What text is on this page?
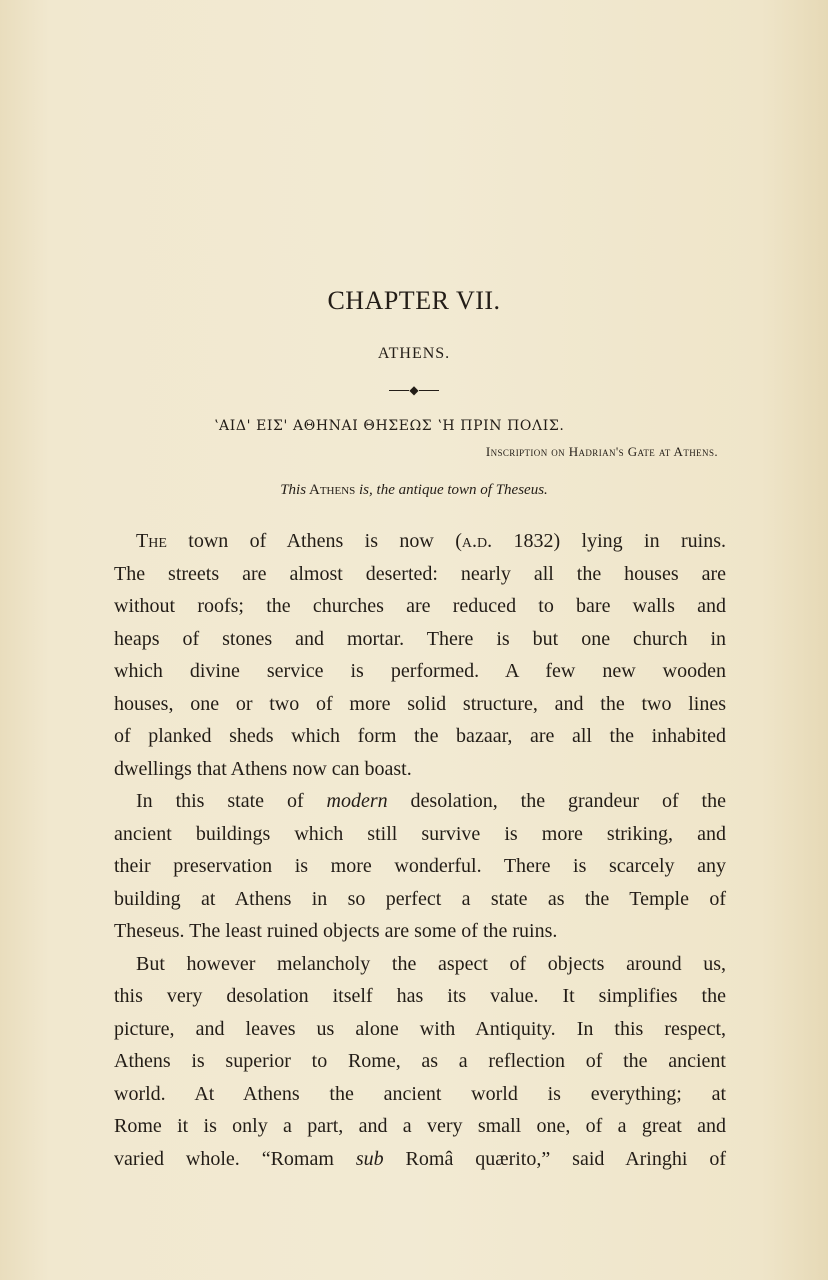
CHAPTER VII.
ATHENS.
◆
ʽΑΙΔ' ΕΙΣ' ΑΘΗΝΑΙ ΘΗΣΕΩΣ ʽΗ ΠΡΙΝ ΠΟΛΙΣ.
Inscription on Hadrian's Gate at Athens.
This Athens is, the antique town of Theseus.

The town of Athens is now (a.d. 1832) lying in ruins.
The streets are almost deserted: nearly all the houses are
without roofs; the churches are reduced to bare walls and
heaps of stones and mortar. There is but one church in
which divine service is performed. A few new wooden
houses, one or two of more solid structure, and the two lines
of planked sheds which form the bazaar, are all the inhabited
dwellings that Athens now can boast.

In this state of modern desolation, the grandeur of the
ancient buildings which still survive is more striking, and
their preservation is more wonderful. There is scarcely any
building at Athens in so perfect a state as the Temple of
Theseus. The least ruined objects are some of the ruins.

But however melancholy the aspect of objects around us,
this very desolation itself has its value. It simplifies the
picture, and leaves us alone with Antiquity. In this respect,
Athens is superior to Rome, as a reflection of the ancient
world. At Athens the ancient world is everything; at
Rome it is only a part, and a very small one, of a great and
varied whole. “Romam sub Româ quærito,” said Aringhi of
